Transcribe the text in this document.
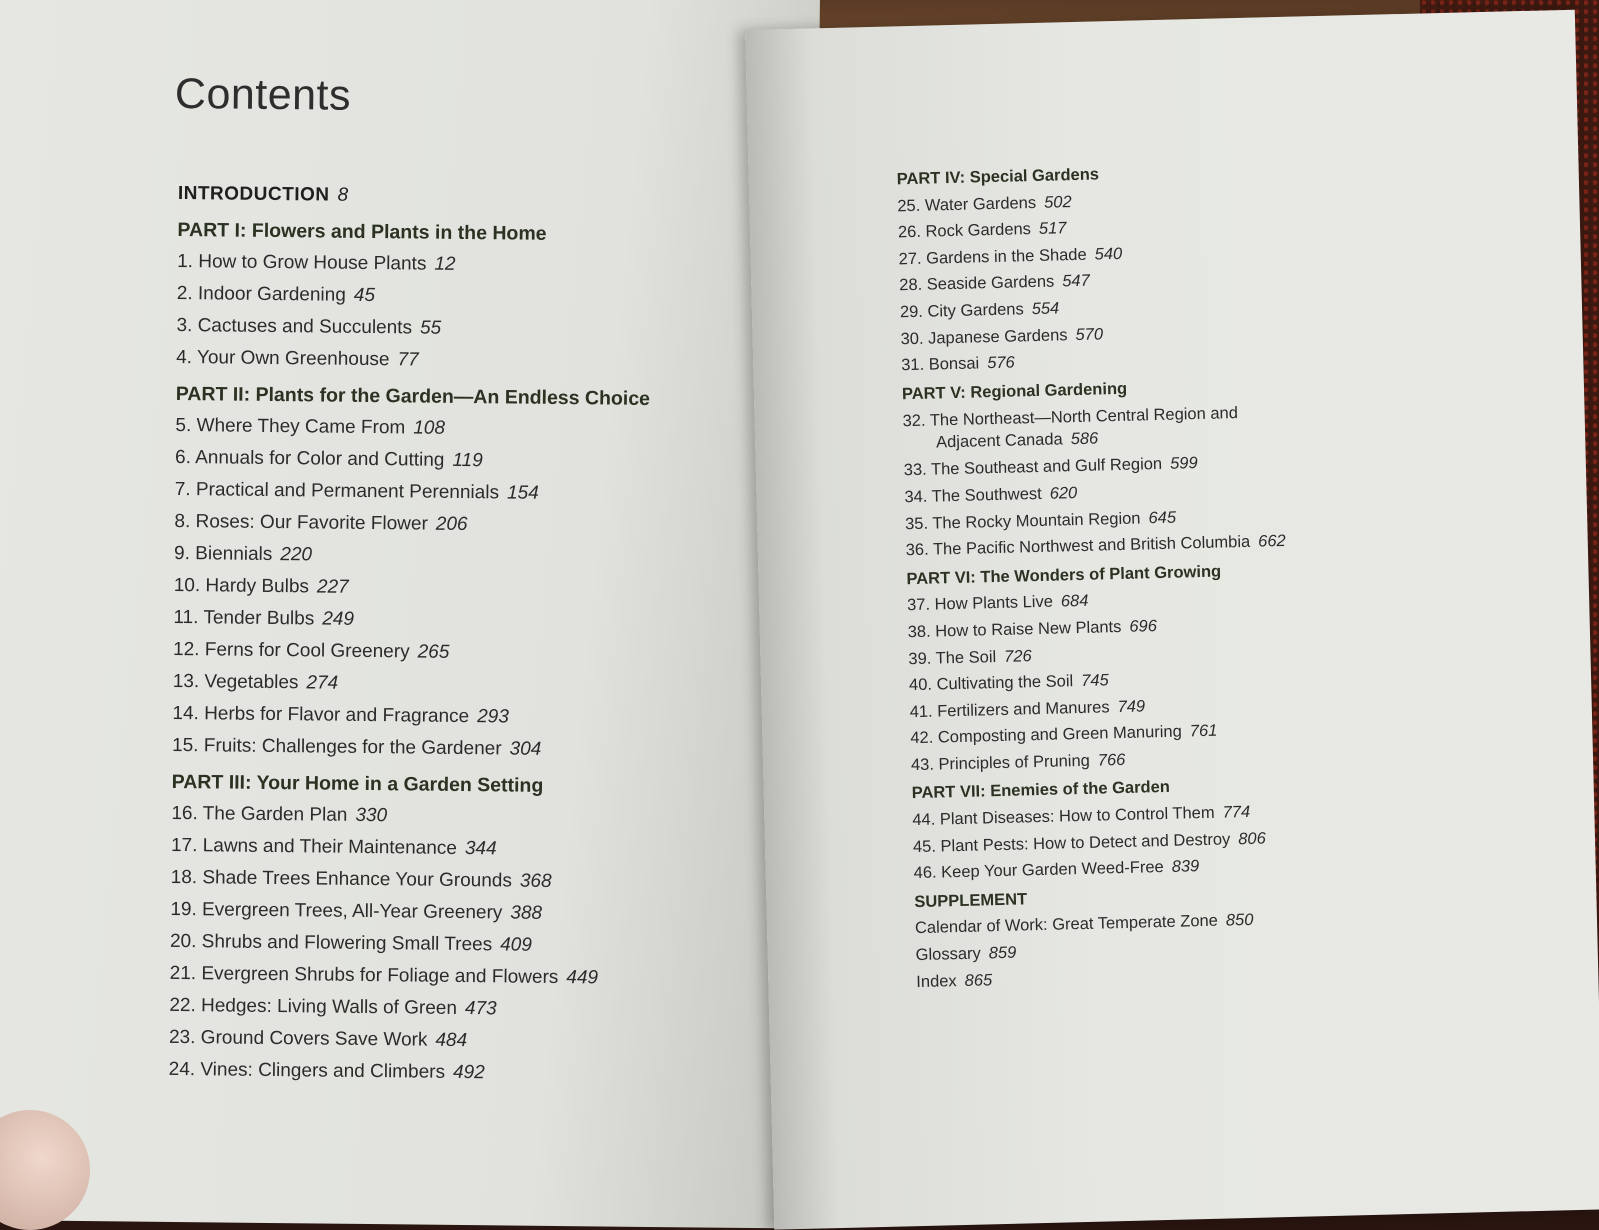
Contents
INTRODUCTION 8
PART I: Flowers and Plants in the Home
1. How to Grow House Plants 12
2. Indoor Gardening 45
3. Cactuses and Succulents 55
4. Your Own Greenhouse 77
PART II: Plants for the Garden—An Endless Choice
5. Where They Came From 108
6. Annuals for Color and Cutting 119
7. Practical and Permanent Perennials 154
8. Roses: Our Favorite Flower 206
9. Biennials 220
10. Hardy Bulbs 227
11. Tender Bulbs 249
12. Ferns for Cool Greenery 265
13. Vegetables 274
14. Herbs for Flavor and Fragrance 293
15. Fruits: Challenges for the Gardener 304
PART III: Your Home in a Garden Setting
16. The Garden Plan 330
17. Lawns and Their Maintenance 344
18. Shade Trees Enhance Your Grounds 368
19. Evergreen Trees, All-Year Greenery 388
20. Shrubs and Flowering Small Trees 409
21. Evergreen Shrubs for Foliage and Flowers 449
22. Hedges: Living Walls of Green 473
23. Ground Covers Save Work 484
24. Vines: Clingers and Climbers 492
PART IV: Special Gardens
25. Water Gardens 502
26. Rock Gardens 517
27. Gardens in the Shade 540
28. Seaside Gardens 547
29. City Gardens 554
30. Japanese Gardens 570
31. Bonsai 576
PART V: Regional Gardening
32. The Northeast—North Central Region and
Adjacent Canada 586
33. The Southeast and Gulf Region 599
34. The Southwest 620
35. The Rocky Mountain Region 645
36. The Pacific Northwest and British Columbia 662
PART VI: The Wonders of Plant Growing
37. How Plants Live 684
38. How to Raise New Plants 696
39. The Soil 726
40. Cultivating the Soil 745
41. Fertilizers and Manures 749
42. Composting and Green Manuring 761
43. Principles of Pruning 766
PART VII: Enemies of the Garden
44. Plant Diseases: How to Control Them 774
45. Plant Pests: How to Detect and Destroy 806
46. Keep Your Garden Weed-Free 839
SUPPLEMENT
Calendar of Work: Great Temperate Zone 850
Glossary 859
Index 865
